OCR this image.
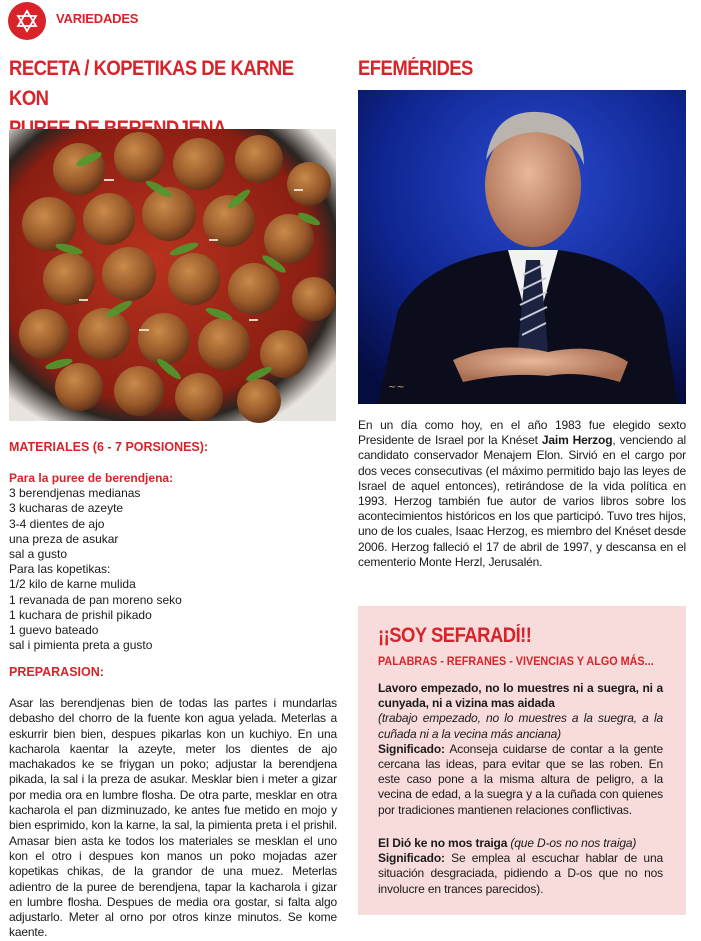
VARIEDADES
RECETA / KOPETIKAS DE KARNE KON
MATERIALES (6 - 7 PORSIONES):
Para la puree de berendjena:
3 berendjenas medianas
3 kucharas de azeyte
3-4 dientes de ajo
una preza de asukar
sal a gusto
Para las kopetikas:
1/2 kilo de karne mulida
1 revanada de pan moreno seko
1 kuchara de prishil pikado
1 guevo bateado
sal i pimienta preta a gusto
PREPARASION:
Asar las berendjenas bien de todas las partes i mundarlas debasho del chorro de la fuente kon agua yelada. Meterlas a eskurrir bien bien, despues pikarlas kon un kuchiyo. En una kacharola kaentar la azeyte, meter los dientes de ajo machakados ke se friygan un poko; adjustar la berendjena pikada, la sal i la preza de asukar. Mesklar bien i meter a gizar por media ora en lumbre flosha. De otra parte, mesklar en otra kacharola el pan dizminuzado, ke antes fue metido en mojo y bien esprimido, kon la karne, la sal, la pimienta preta i el prishil. Amasar bien asta ke todos los materiales se mesklan el uno kon el otro i despues kon manos un poko mojadas azer kopetikas chikas, de la grandor de una muez. Meterlas adientro de la puree de berendjena, tapar la kacharola i gizar en lumbre flosha. Despues de media ora gostar, si falta algo adjustarlo. Meter al orno por otros kinze minutos. Se kome kaente.
EFEMÉRIDES
~~
En un día como hoy, en el año 1983 fue elegido sexto Presidente de Israel por la Knéset Jaim Herzog, venciendo al candidato conservador Menajem Elon. Sirvió en el cargo por dos veces consecutivas (el máximo permitido bajo las leyes de Israel de aquel entonces), retirándose de la vida política en 1993. Herzog también fue autor de varios libros sobre los acontecimientos históricos en los que participó. Tuvo tres hijos, uno de los cuales, Isaac Herzog, es miembro del Knéset desde 2006. Herzog falleció el 17 de abril de 1997, y descansa en el cementerio Monte Herzl, Jerusalén.
¡¡SOY SEFARADÍ!!
PALABRAS - REFRANES - VIVENCIAS Y ALGO MÁS...
Lavoro empezado, no lo muestres ni a suegra, ni a cunyada, ni a vizina mas aidada
(trabajo empezado, no lo muestres a la suegra, a la cuñada ni a la vecina más anciana)
Significado: Aconseja cuidarse de contar a la gente cercana las ideas, para evitar que se las roben. En este caso pone a la misma altura de peligro, a la vecina de edad, a la suegra y a la cuñada con quienes por tradiciones mantienen relaciones conflictivas.
El Dió ke no mos traiga (que D-os no nos traiga)
Significado: Se emplea al escuchar hablar de una situación desgraciada, pidiendo a D-os que no nos involucre en trances parecidos).
